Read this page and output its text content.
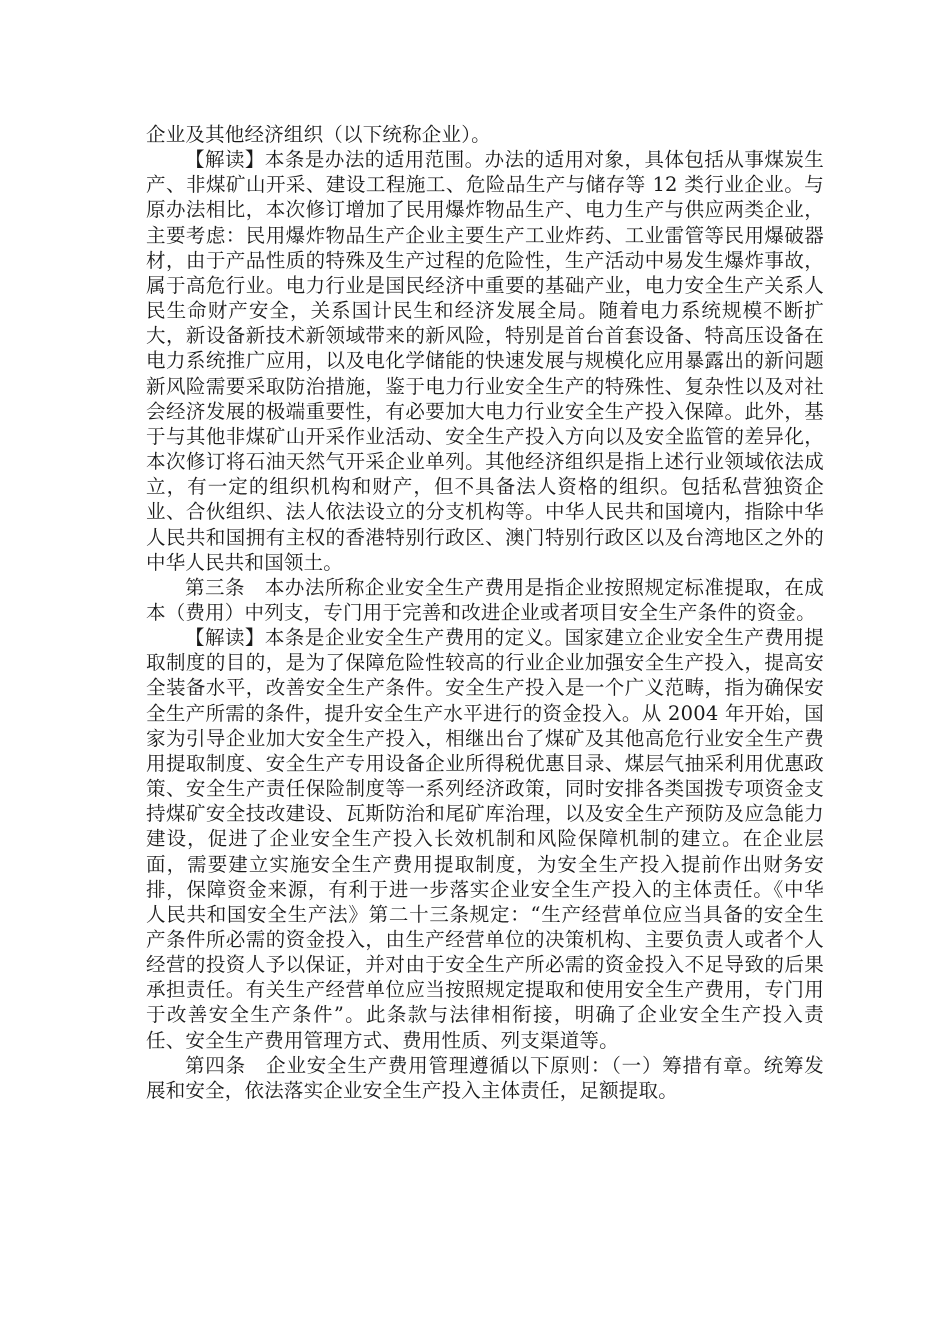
企业及其他经济组织（以下统称企业）。

【解读】本条是办法的适用范围。办法的适用对象，具体包括从事煤炭生产、非煤矿山开采、建设工程施工、危险品生产与储存等 12 类行业企业。与原办法相比，本次修订增加了民用爆炸物品生产、电力生产与供应两类企业，主要考虑：民用爆炸物品生产企业主要生产工业炸药、工业雷管等民用爆破器材，由于产品性质的特殊及生产过程的危险性，生产活动中易发生爆炸事故，属于高危行业。电力行业是国民经济中重要的基础产业，电力安全生产关系人民生命财产安全，关系国计民生和经济发展全局。随着电力系统规模不断扩大，新设备新技术新领域带来的新风险，特别是首台首套设备、特高压设备在电力系统推广应用，以及电化学储能的快速发展与规模化应用暴露出的新问题新风险需要采取防治措施，鉴于电力行业安全生产的特殊性、复杂性以及对社会经济发展的极端重要性，有必要加大电力行业安全生产投入保障。此外，基于与其他非煤矿山开采作业活动、安全生产投入方向以及安全监管的差异化，本次修订将石油天然气开采企业单列。其他经济组织是指上述行业领域依法成立，有一定的组织机构和财产，但不具备法人资格的组织。包括私营独资企业、合伙组织、法人依法设立的分支机构等。中华人民共和国境内，指除中华人民共和国拥有主权的香港特别行政区、澳门特别行政区以及台湾地区之外的中华人民共和国领土。

第三条　本办法所称企业安全生产费用是指企业按照规定标准提取，在成本（费用）中列支，专门用于完善和改进企业或者项目安全生产条件的资金。

【解读】本条是企业安全生产费用的定义。国家建立企业安全生产费用提取制度的目的，是为了保障危险性较高的行业企业加强安全生产投入，提高安全装备水平，改善安全生产条件。安全生产投入是一个广义范畴，指为确保安全生产所需的条件，提升安全生产水平进行的资金投入。从 2004 年开始，国家为引导企业加大安全生产投入，相继出台了煤矿及其他高危行业安全生产费用提取制度、安全生产专用设备企业所得税优惠目录、煤层气抽采利用优惠政策、安全生产责任保险制度等一系列经济政策，同时安排各类国拨专项资金支持煤矿安全技改建设、瓦斯防治和尾矿库治理，以及安全生产预防及应急能力建设，促进了企业安全生产投入长效机制和风险保障机制的建立。在企业层面，需要建立实施安全生产费用提取制度，为安全生产投入提前作出财务安排，保障资金来源，有利于进一步落实企业安全生产投入的主体责任。《中华人民共和国安全生产法》第二十三条规定：“生产经营单位应当具备的安全生产条件所必需的资金投入，由生产经营单位的决策机构、主要负责人或者个人经营的投资人予以保证，并对由于安全生产所必需的资金投入不足导致的后果承担责任。有关生产经营单位应当按照规定提取和使用安全生产费用，专门用于改善安全生产条件”。此条款与法律相衔接，明确了企业安全生产投入责任、安全生产费用管理方式、费用性质、列支渠道等。

第四条　企业安全生产费用管理遵循以下原则：（一）筹措有章。统筹发展和安全，依法落实企业安全生产投入主体责任，足额提取。
